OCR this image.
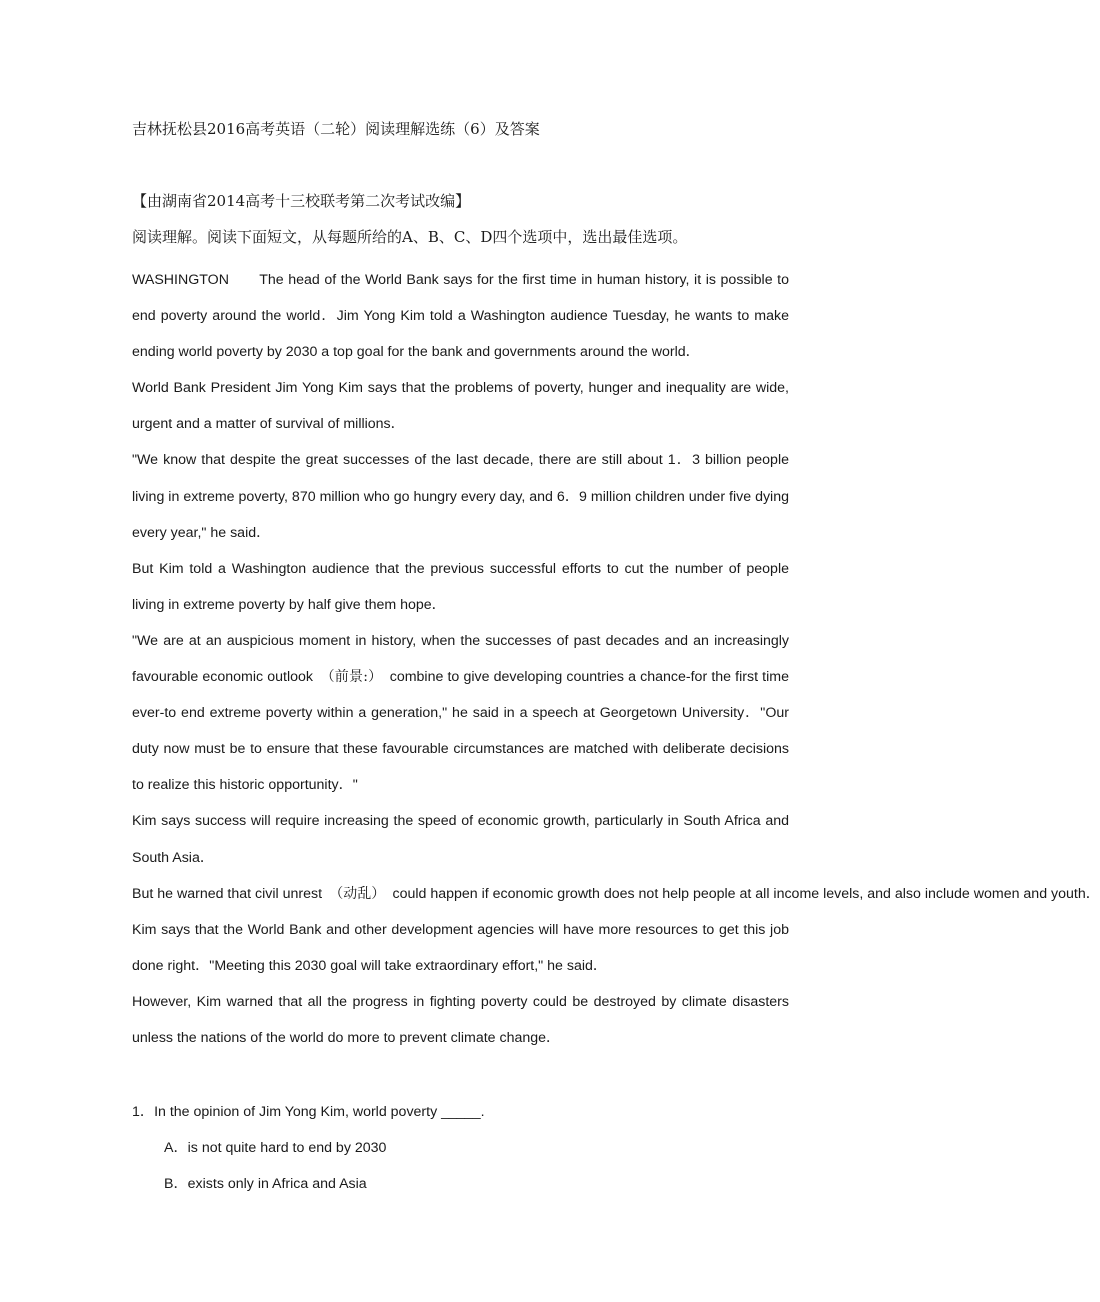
吉林抚松县2016高考英语（二轮）阅读理解选练（6）及答案
【由湖南省2014高考十三校联考第二次考试改编】
阅读理解。阅读下面短文，从每题所给的A、B、C、D四个选项中，选出最佳选项。

WASHINGTON　　The head of the World Bank says for the first time in human history, it is possible to end poverty around the world．Jim Yong Kim told a Washington audience Tuesday, he wants to make ending world poverty by 2030 a top goal for the bank and governments around the world．

World Bank President Jim Yong Kim says that the problems of poverty, hunger and inequality are wide, urgent and a matter of survival of millions．

"We know that despite the great successes of the last decade, there are still about 1．3 billion people living in extreme poverty, 870 million who go hungry every day, and 6．9 million children under five dying every year," he said．

But Kim told a Washington audience that the previous successful efforts to cut the number of people living in extreme poverty by half give them hope．

"We are at an auspicious moment in history, when the successes of past decades and an increasingly favourable economic outlook　 （前景:）　 combine to give developing countries a chance-for the first time ever-to end extreme poverty within a generation," he said in a speech at Georgetown University．"Our duty now must be to ensure that these favourable circumstances are matched with deliberate decisions to realize this historic opportunity．"

Kim says success will require increasing the speed of economic growth, particularly in South Africa and South Asia．

But he warned that civil unrest　 （动乱）　 could happen if economic growth does not help people at all income levels, and also include women and youth．

Kim says that the World Bank and other development agencies will have more resources to get this job done right．"Meeting this 2030 goal will take extraordinary effort," he said．

However, Kim warned that all the progress in fighting poverty could be destroyed by climate disasters unless the nations of the world do more to prevent climate change．

1．In the opinion of Jim Yong Kim, world poverty _____.

A．is not quite hard to end by 2030

B．exists only in Africa and Asia
